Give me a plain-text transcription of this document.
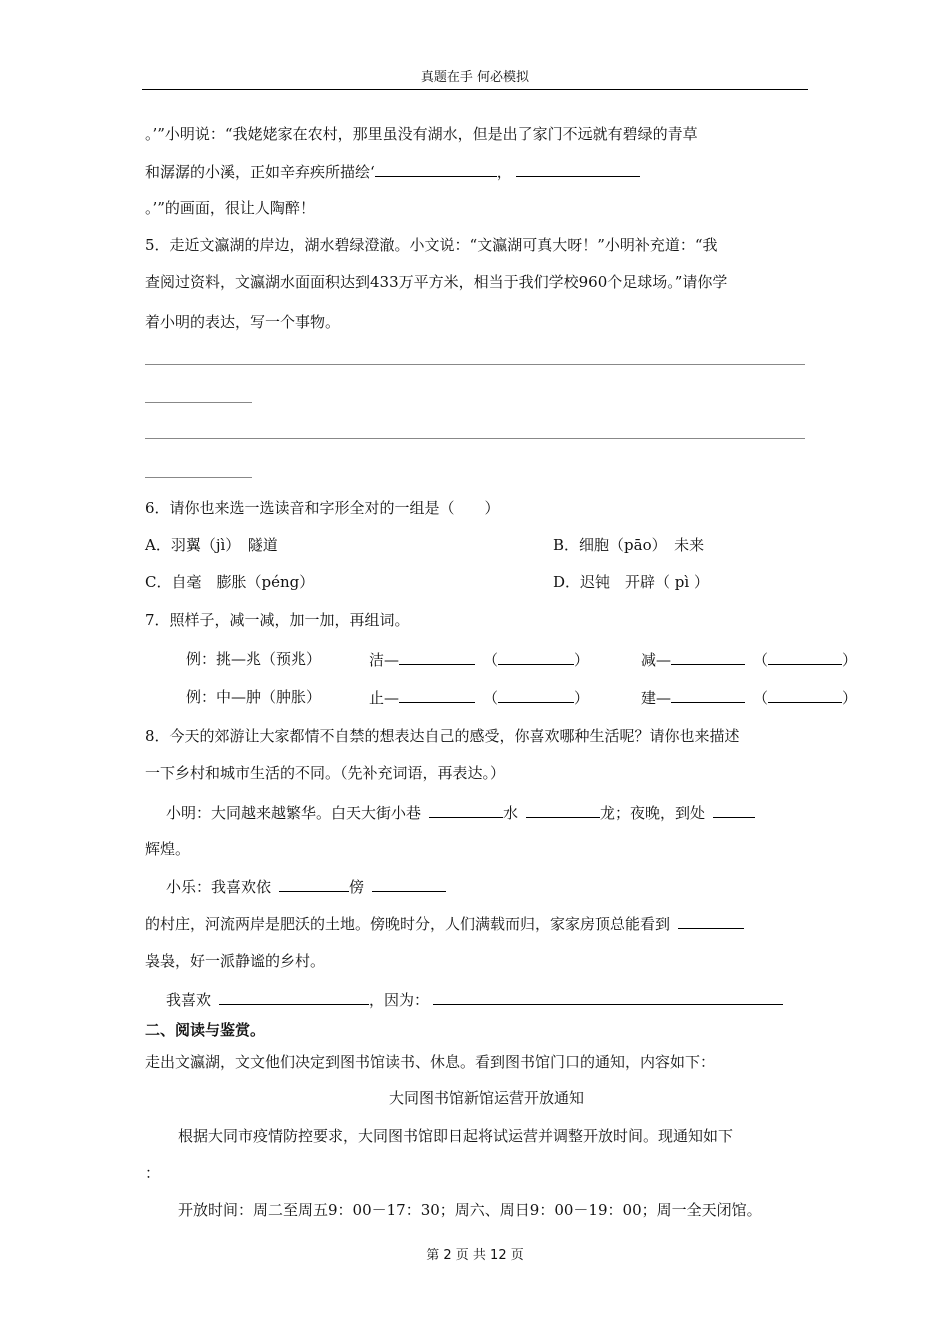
真题在手 何必模拟
。’”小明说：“我姥姥家在农村，那里虽没有湖水，但是出了家门不远就有碧绿的青草
和潺潺的小溪，正如辛弃疾所描绘‘	，
。’”的画面，很让人陶醉！
5．走近文瀛湖的岸边，湖水碧绿澄澈。小文说：“文瀛湖可真大呀！”小明补充道：“我
查阅过资料，文瀛湖水面面积达到433万平方米，相当于我们学校960个足球场。”请你学
着小明的表达，写一个事物。
6．请你也来选一选读音和字形全对的一组是（　　）
A．羽翼（jì）　隧道	B．细胞（pāo）　未来
C．自毫　膨胀（péng）	D．迟钝　开辟（ pì ）
7．照样子，减一减，加一加，再组词。
例：挑—兆（预兆）	洁—	（	）	减—	（	）
例：中—肿（肿胀）	止—	（	）	建—	（	）
8．今天的郊游让大家都情不自禁的想表达自己的感受，你喜欢哪种生活呢？请你也来描述
一下乡村和城市生活的不同。（先补充词语，再表达。）
小明：大同越来越繁华。白天大街小巷	水	龙；夜晚，到处
辉煌。
小乐：我喜欢依	傍
的村庄，河流两岸是肥沃的土地。傍晚时分，人们满载而归，家家房顶总能看到
袅袅，好一派静谧的乡村。
我喜欢	，因为：
二、阅读与鉴赏。
走出文瀛湖，文文他们决定到图书馆读书、休息。看到图书馆门口的通知，内容如下：
大同图书馆新馆运营开放通知
根据大同市疫情防控要求，大同图书馆即日起将试运营并调整开放时间。现通知如下
：
开放时间：周二至周五9：00－17：30；周六、周日9：00－19：00；周一全天闭馆。
第 2 页 共 12 页
